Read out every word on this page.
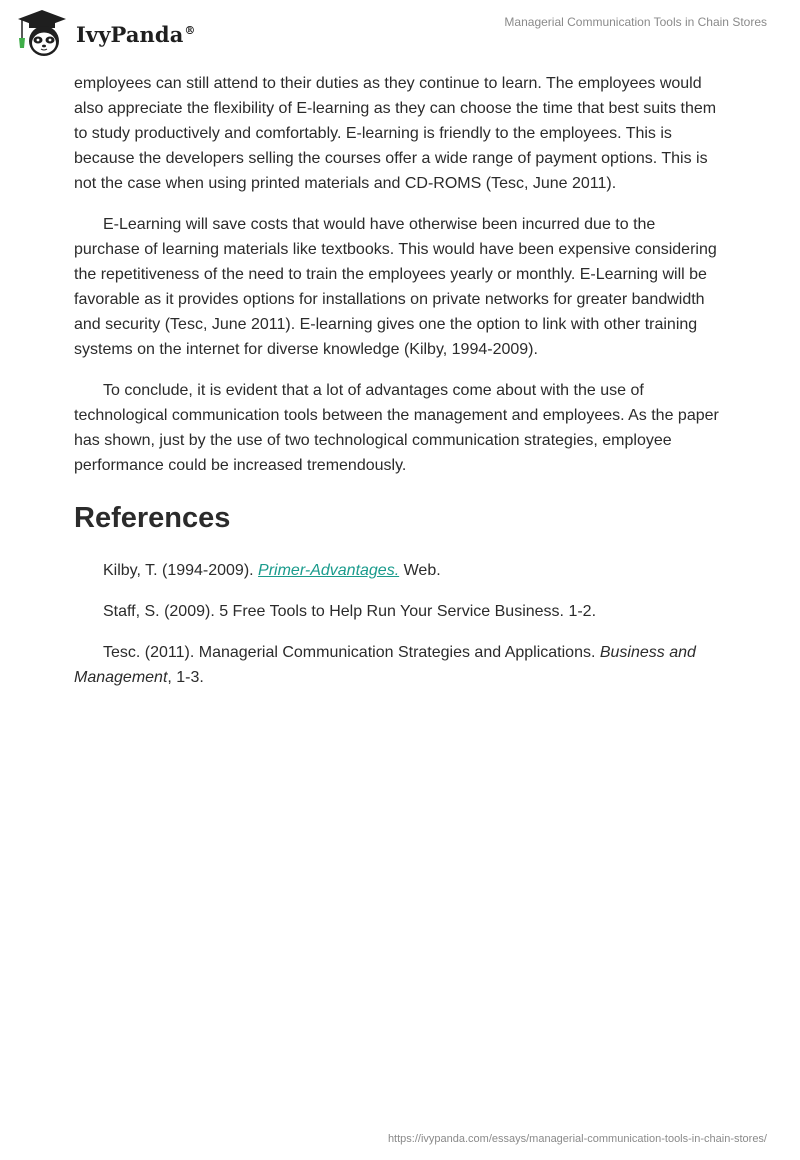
IvyPanda®
Managerial Communication Tools in Chain Stores

employees can still attend to their duties as they continue to learn. The employees would also appreciate the flexibility of E-learning as they can choose the time that best suits them to study productively and comfortably. E-learning is friendly to the employees. This is because the developers selling the courses offer a wide range of payment options. This is not the case when using printed materials and CD-ROMS (Tesc, June 2011).

E-Learning will save costs that would have otherwise been incurred due to the purchase of learning materials like textbooks. This would have been expensive considering the repetitiveness of the need to train the employees yearly or monthly. E-Learning will be favorable as it provides options for installations on private networks for greater bandwidth and security (Tesc, June 2011). E-learning gives one the option to link with other training systems on the internet for diverse knowledge (Kilby, 1994-2009).

To conclude, it is evident that a lot of advantages come about with the use of technological communication tools between the management and employees. As the paper has shown, just by the use of two technological communication strategies, employee performance could be increased tremendously.

References
Kilby, T. (1994-2009). Primer-Advantages. Web.
Staff, S. (2009). 5 Free Tools to Help Run Your Service Business. 1-2.
Tesc. (2011). Managerial Communication Strategies and Applications. Business and Management, 1-3.
https://ivypanda.com/essays/managerial-communication-tools-in-chain-stores/
